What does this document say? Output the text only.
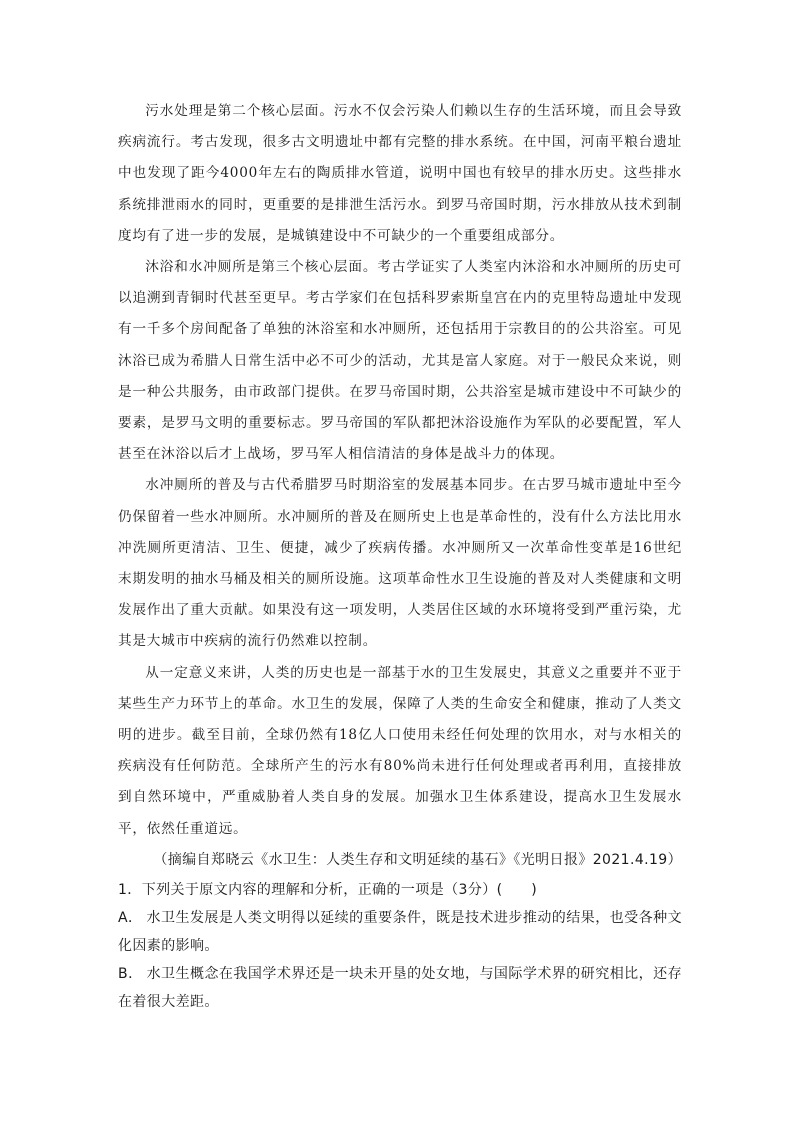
污水处理是第二个核心层面。污水不仅会污染人们赖以生存的生活环境，而且会导致疾病流行。考古发现，很多古文明遗址中都有完整的排水系统。在中国，河南平粮台遗址中也发现了距今4000年左右的陶质排水管道，说明中国也有较早的排水历史。这些排水系统排泄雨水的同时，更重要的是排泄生活污水。到罗马帝国时期，污水排放从技术到制度均有了进一步的发展，是城镇建设中不可缺少的一个重要组成部分。

沐浴和水冲厕所是第三个核心层面。考古学证实了人类室内沐浴和水冲厕所的历史可以追溯到青铜时代甚至更早。考古学家们在包括科罗索斯皇宫在内的克里特岛遗址中发现有一千多个房间配备了单独的沐浴室和水冲厕所，还包括用于宗教目的的公共浴室。可见沐浴已成为希腊人日常生活中必不可少的活动，尤其是富人家庭。对于一般民众来说，则是一种公共服务，由市政部门提供。在罗马帝国时期，公共浴室是城市建设中不可缺少的要素，是罗马文明的重要标志。罗马帝国的军队都把沐浴设施作为军队的必要配置，军人甚至在沐浴以后才上战场，罗马军人相信清洁的身体是战斗力的体现。

水冲厕所的普及与古代希腊罗马时期浴室的发展基本同步。在古罗马城市遗址中至今仍保留着一些水冲厕所。水冲厕所的普及在厕所史上也是革命性的，没有什么方法比用水冲洗厕所更清洁、卫生、便捷，减少了疾病传播。水冲厕所又一次革命性变革是16世纪末期发明的抽水马桶及相关的厕所设施。这项革命性水卫生设施的普及对人类健康和文明发展作出了重大贡献。如果没有这一项发明，人类居住区域的水环境将受到严重污染，尤其是大城市中疾病的流行仍然难以控制。

从一定意义来讲，人类的历史也是一部基于水的卫生发展史，其意义之重要并不亚于某些生产力环节上的革命。水卫生的发展，保障了人类的生命安全和健康，推动了人类文明的进步。截至目前，全球仍然有18亿人口使用未经任何处理的饮用水，对与水相关的疾病没有任何防范。全球所产生的污水有80%尚未进行任何处理或者再利用，直接排放到自然环境中，严重威胁着人类自身的发展。加强水卫生体系建设，提高水卫生发展水平，依然任重道远。

（摘编自郑晓云《水卫生：人类生存和文明延续的基石》《光明日报》2021.4.19）

1．下列关于原文内容的理解和分析，正确的一项是（3分）(　　)

A． 水卫生发展是人类文明得以延续的重要条件，既是技术进步推动的结果，也受各种文化因素的影响。

B． 水卫生概念在我国学术界还是一块未开垦的处女地，与国际学术界的研究相比，还存在着很大差距。
